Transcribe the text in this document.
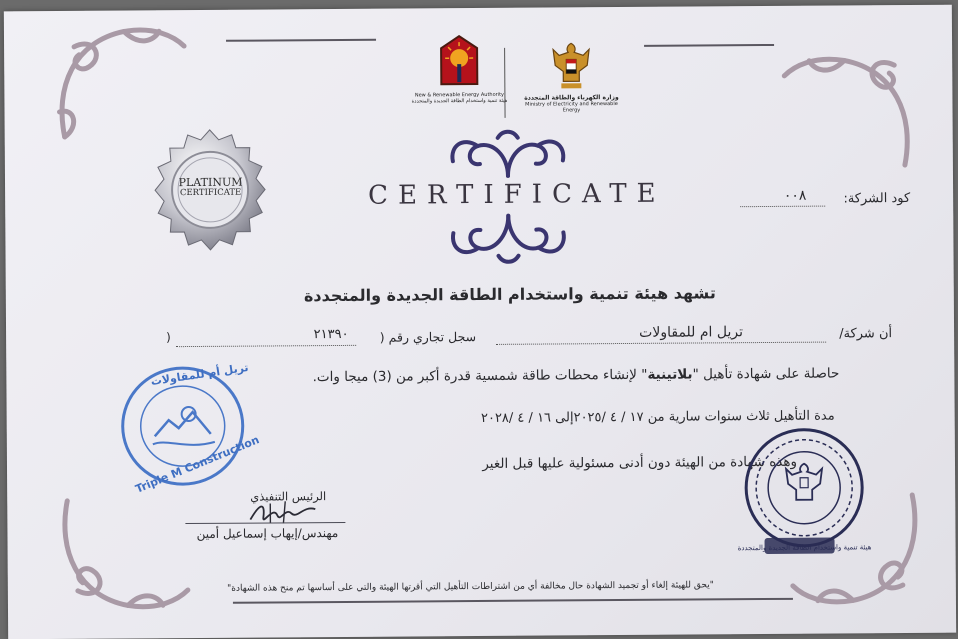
New & Renewable Energy Authority
هيئة تنمية واستخدام الطاقة الجديدة والمتجددة	وزارة الكهرباء والطاقة المتجددة
Ministry of Electricity and Renewable Energy
PLATINUM
CERTIFICATE	CERTIFICATE	كود الشركة:
٠٠٨
تشهد هيئة تنمية واستخدام الطاقة الجديدة والمتجددة
أن شركة/
تريل ام للمقاولات
سجل تجاري رقم (
٢١٣٩٠
)
حاصلة على شهادة تأهيل "بلاتينية" لإنشاء محطات طاقة شمسية قدرة أكبر من (3) ميجا وات.
مدة التأهيل ثلاث سنوات سارية من ١٧ / ٤ /٢٠٢٥إلى ١٦ / ٤ /٢٠٢٨
وهذه شهادة من الهيئة دون أدنى مسئولية عليها قبل الغير
الرئيس التنفيذي
مهندس/إيهاب إسماعيل أمين
تريل أم للمقاولات
Triple M Construction
هيئة تنمية واستخدام الطاقة الجديدة والمتجددة
"يحق للهيئة إلغاء أو تجميد الشهادة حال مخالفة أي من اشتراطات التأهيل التي أقرتها الهيئة والتي على أساسها تم منح هذه الشهادة"
